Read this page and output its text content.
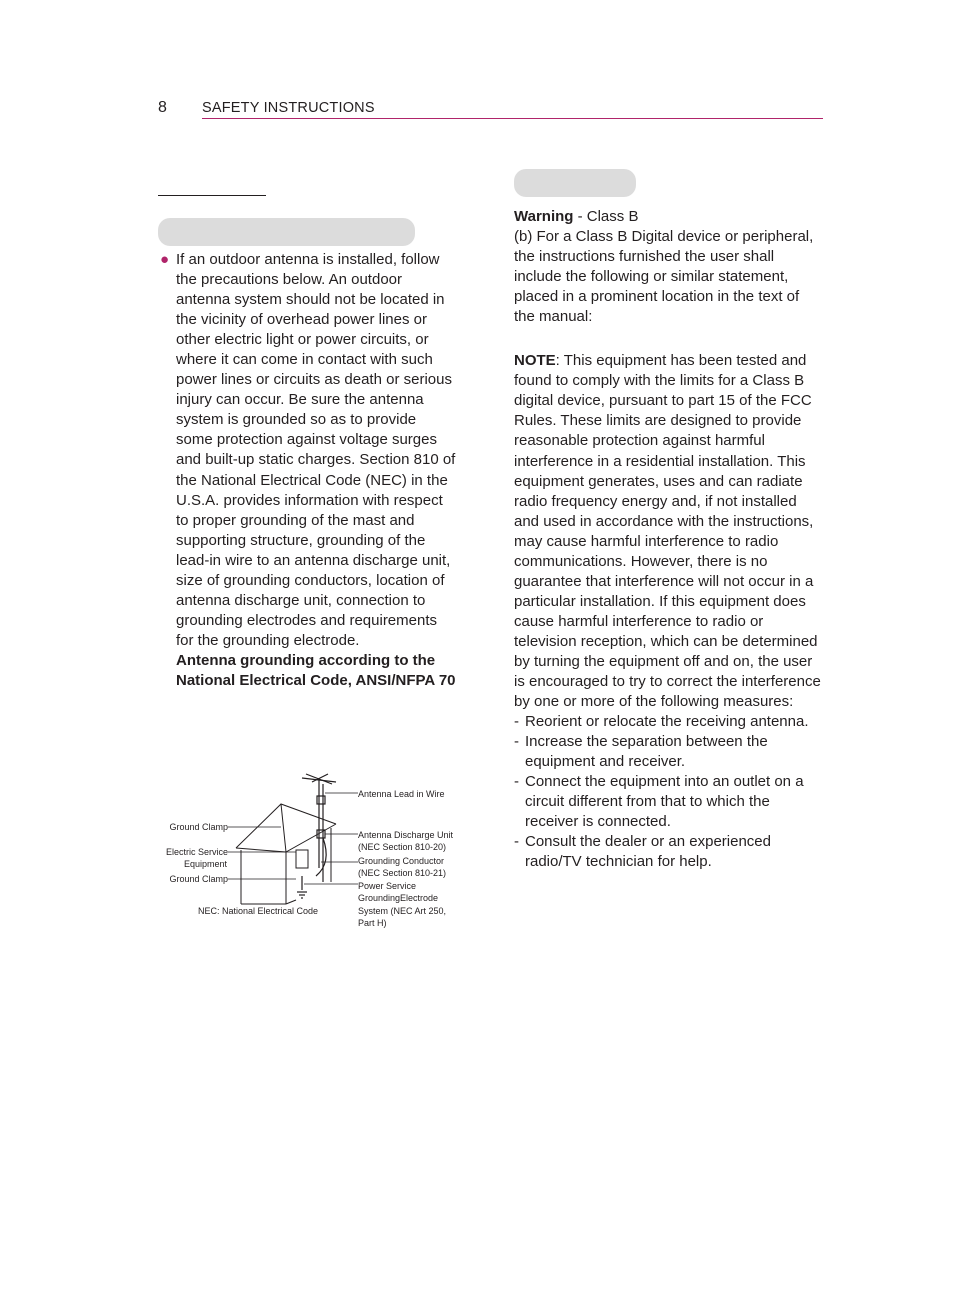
8 SAFETY INSTRUCTIONS
● If an outdoor antenna is installed, follow the precautions below. An outdoor antenna system should not be located in the vicinity of overhead power lines or other electric light or power circuits, or where it can come in contact with such power lines or circuits as death or serious injury can occur. Be sure the antenna system is grounded so as to provide some protection against voltage surges and built-up static charges. Section 810 of the National Electrical Code (NEC) in the U.S.A. provides information with respect to proper grounding of the mast and supporting structure, grounding of the lead-in wire to an antenna discharge unit, size of grounding conductors, location of antenna discharge unit, connection to grounding electrodes and requirements for the grounding electrode.

Antenna grounding according to the National Electrical Code, ANSI/NFPA 70

Antenna Lead in Wire
Ground Clamp
Antenna Discharge Unit
(NEC Section 810-20)
Electric Service
Equipment	Grounding Conductor
(NEC Section 810-21)
Ground Clamp
Power Service
GroundingElectrode
System (NEC Art 250,
Part H)
NEC: National Electrical Code

Warning - Class B

(b) For a Class B Digital device or peripheral, the instructions furnished the user shall include the following or similar statement, placed in a prominent location in the text of the manual:

NOTE: This equipment has been tested and found to comply with the limits for a Class B digital device, pursuant to part 15 of the FCC Rules. These limits are designed to provide reasonable protection against harmful interference in a residential installation. This equipment generates, uses and can radiate radio frequency energy and, if not installed and used in accordance with the instructions, may cause harmful interference to radio communications. However, there is no guarantee that interference will not occur in a particular installation. If this equipment does cause harmful interference to radio or television reception, which can be determined by turning the equipment off and on, the user is encouraged to try to correct the interference by one or more of the following measures:

- Reorient or relocate the receiving antenna.
- Increase the separation between the equipment and receiver.
- Connect the equipment into an outlet on a circuit different from that to which the receiver is connected.
- Consult the dealer or an experienced radio/TV technician for help.
